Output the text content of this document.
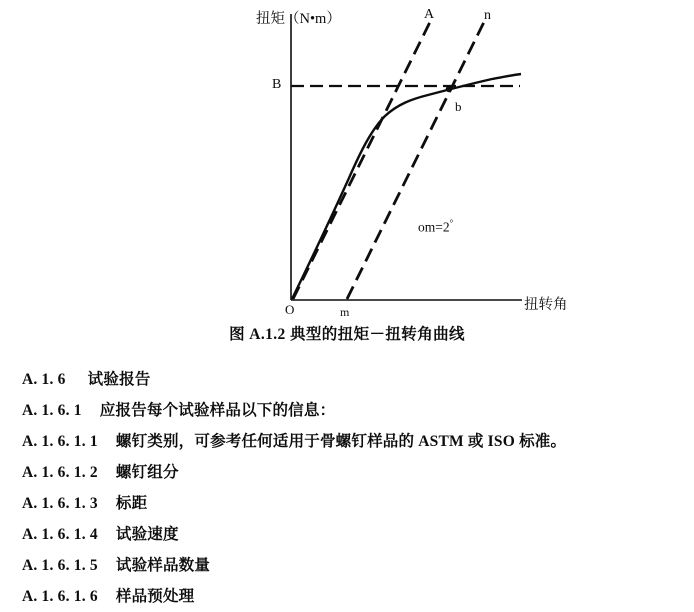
扭矩（N•m）
扭转角
A	n
B
b
O	m
om=2°
图 A.1.2 典型的扭矩－扭转角曲线
A. 1. 6 试验报告
A. 1. 6. 1 应报告每个试验样品以下的信息：
A. 1. 6. 1. 1 螺钉类别，可参考任何适用于骨螺钉样品的 ASTM 或 ISO 标准。
A. 1. 6. 1. 2 螺钉组分
A. 1. 6. 1. 3 标距
A. 1. 6. 1. 4 试验速度
A. 1. 6. 1. 5 试验样品数量
A. 1. 6. 1. 6 样品预处理
